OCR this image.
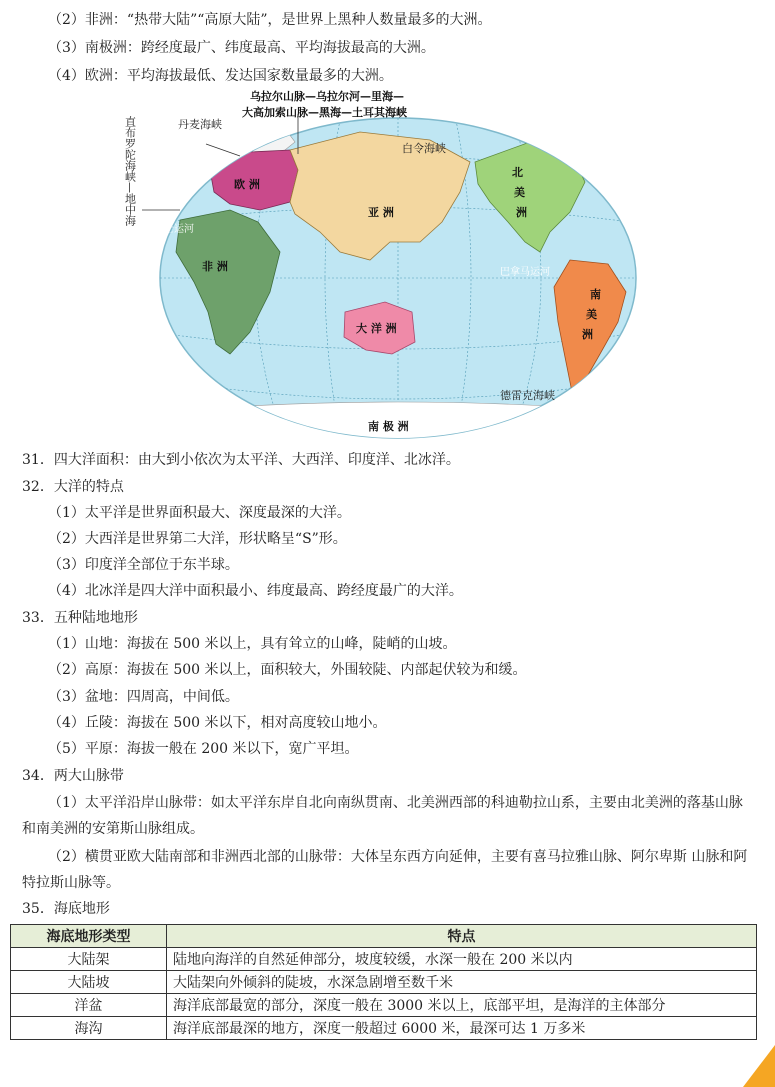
（2）非洲：“热带大陆”“高原大陆”，是世界上黑种人数量最多的大洲。
（3）南极洲：跨经度最广、纬度最高、平均海拔最高的大洲。
（4）欧洲：平均海拔最低、发达国家数量最多的大洲。
乌拉尔山脉—乌拉尔河—里海—
大高加索山脉—黑海—土耳其海峡
丹麦海峡
直布罗陀海峡—地中海	白令海峡
苏伊士运河
巴拿马运河
德雷克海峡
欧 洲
亚 洲
非 洲
大 洋 洲
北
美
洲
南
美
洲
南 极 洲
31．四大洋面积：由大到小依次为太平洋、大西洋、印度洋、北冰洋。
32．大洋的特点
（1）太平洋是世界面积最大、深度最深的大洋。
（2）大西洋是世界第二大洋，形状略呈“S”形。
（3）印度洋全部位于东半球。
（4）北冰洋是四大洋中面积最小、纬度最高、跨经度最广的大洋。
33．五种陆地地形
（1）山地：海拔在 500 米以上，具有耸立的山峰，陡峭的山坡。
（2）高原：海拔在 500 米以上，面积较大，外围较陡、内部起伏较为和缓。
（3）盆地：四周高，中间低。
（4）丘陵：海拔在 500 米以下，相对高度较山地小。
（5）平原：海拔一般在 200 米以下，宽广平坦。
34．两大山脉带
（1）太平洋沿岸山脉带：如太平洋东岸自北向南纵贯南、北美洲西部的科迪勒拉山系，主要由北美洲的落基山脉和南美洲的安第斯山脉组成。
（2）横贯亚欧大陆南部和非洲西北部的山脉带：大体呈东西方向延伸，主要有喜马拉雅山脉、阿尔卑斯 山脉和阿特拉斯山脉等。
35．海底地形
海底地形类型	特点
大陆架	陆地向海洋的自然延伸部分，坡度较缓，水深一般在 200 米以内
大陆坡	大陆架向外倾斜的陡坡，水深急剧增至数千米
洋盆	海洋底部最宽的部分，深度一般在 3000 米以上，底部平坦，是海洋的主体部分
海沟	海洋底部最深的地方，深度一般超过 6000 米，最深可达 1 万多米
